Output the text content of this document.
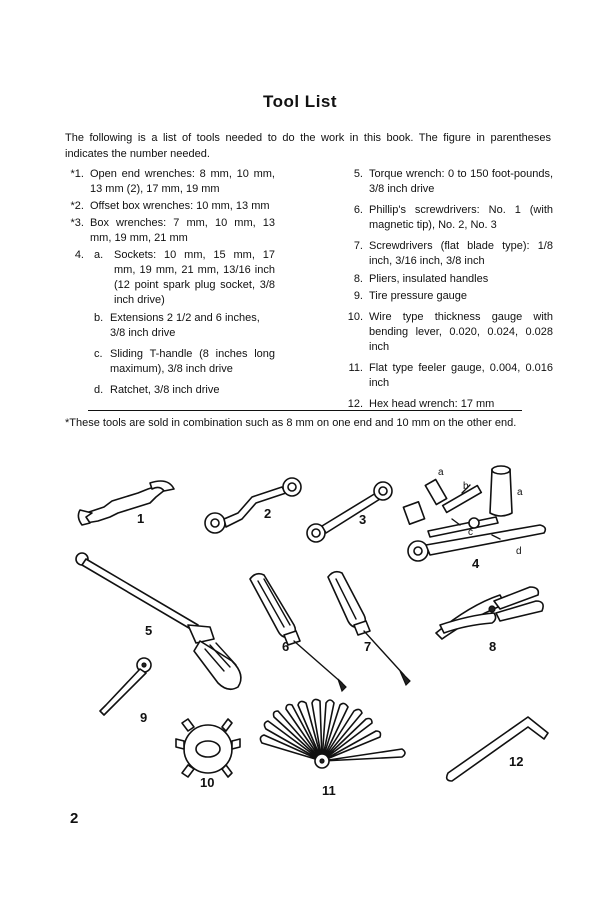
Tool List
The following is a list of tools needed to do the work in this book. The figure in parentheses indicates the number needed.
*1. Open end wrenches: 8 mm, 10 mm, 13 mm (2), 17 mm, 19 mm
*2. Offset box wrenches: 10 mm, 13 mm
*3. Box wrenches: 7 mm, 10 mm, 13 mm, 19 mm, 21 mm
4. a. Sockets: 10 mm, 15 mm, 17 mm, 19 mm, 21 mm, 13/16 inch (12 point spark plug socket, 3/8 inch drive)
b. Extensions 2 1/2 and 6 inches, 3/8 inch drive
c. Sliding T-handle (8 inches long maximum), 3/8 inch drive
d. Ratchet, 3/8 inch drive
5. Torque wrench: 0 to 150 foot-pounds, 3/8 inch drive
6. Phillip's screwdrivers: No. 1 (with magnetic tip), No. 2, No. 3
7. Screwdrivers (flat blade type): 1/8 inch, 3/16 inch, 3/8 inch
8. Pliers, insulated handles
9. Tire pressure gauge
10. Wire type thickness gauge with bending lever, 0.020, 0.024, 0.028 inch
11. Flat type feeler gauge, 0.004, 0.016 inch
12. Hex head wrench: 17 mm
*These tools are sold in combination such as 8 mm on one end and 10 mm on the other end.
1	2	3
a
b
a
c
d
4
5
6	7	8
9
10
11
12
2
